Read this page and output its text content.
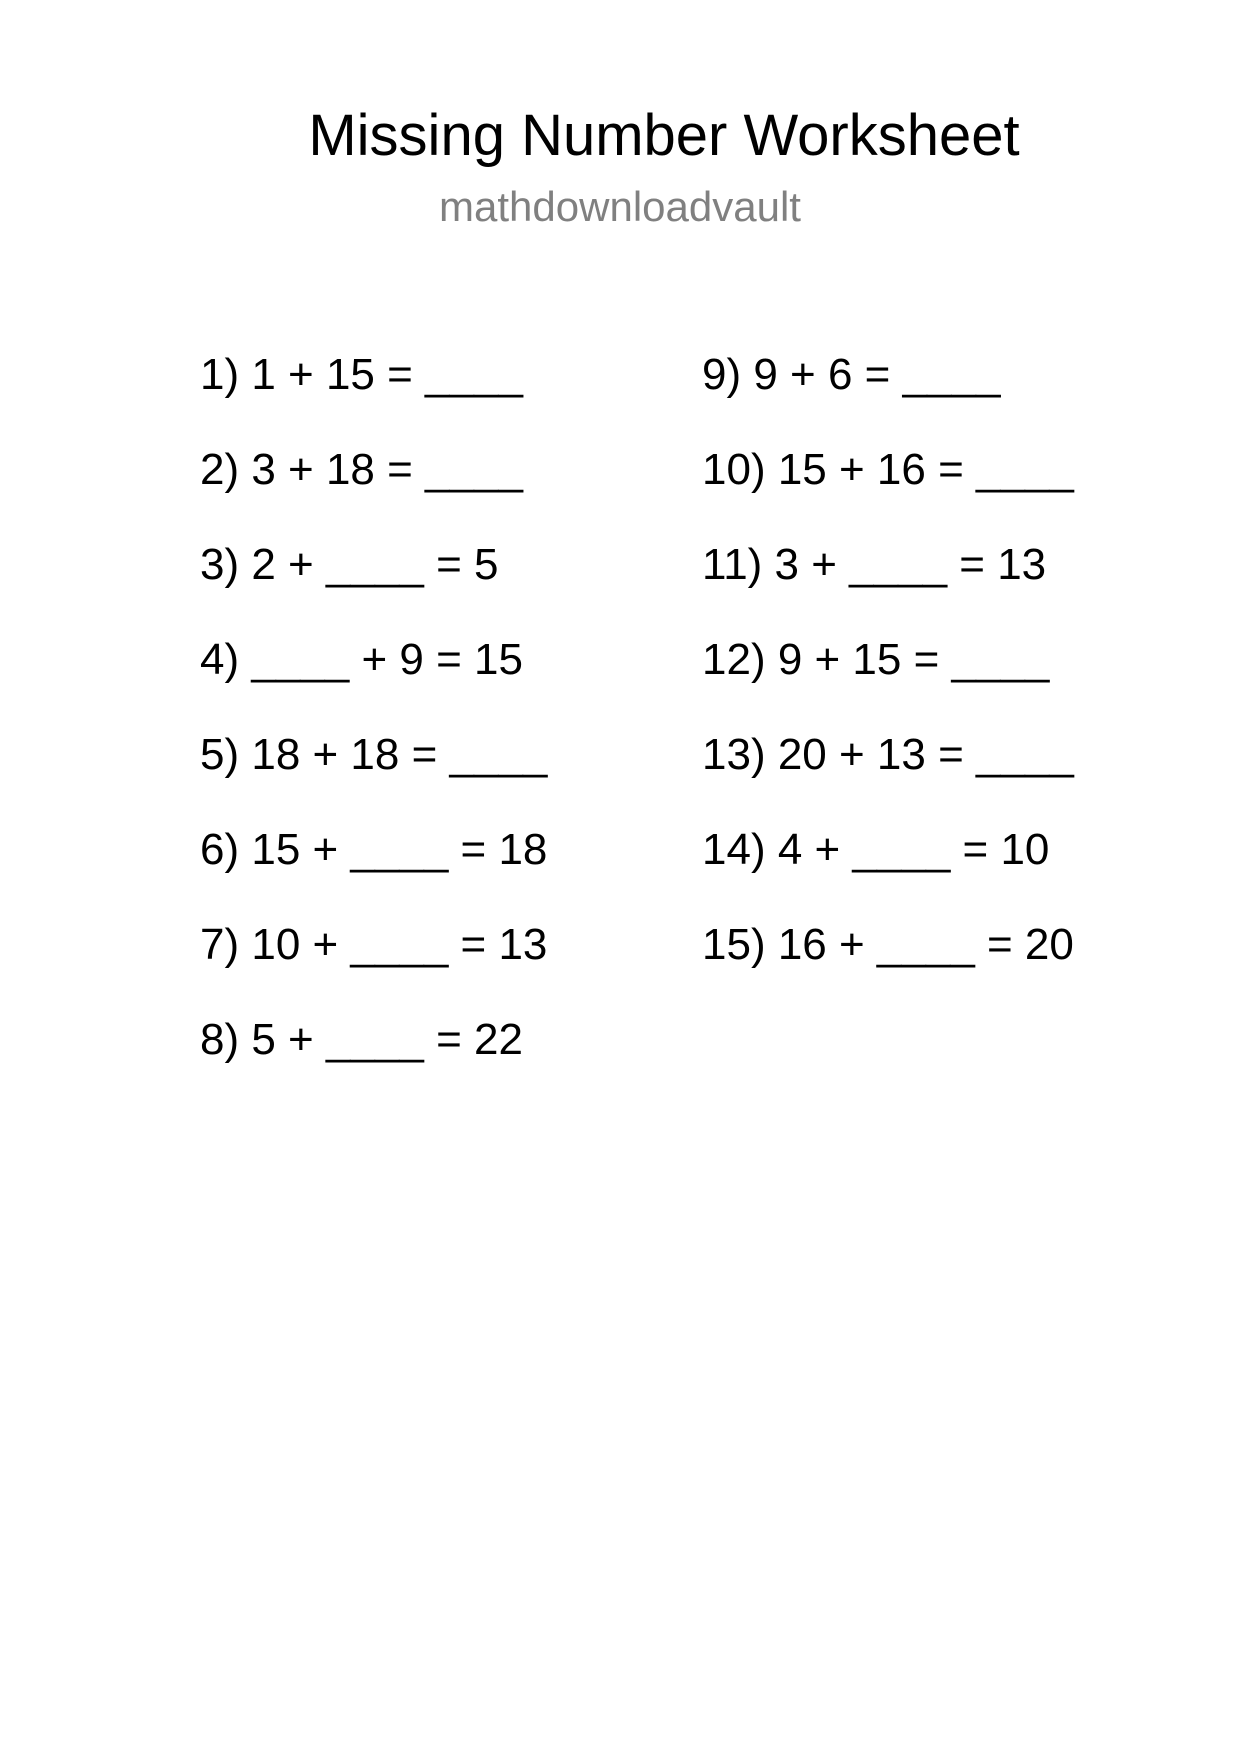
Missing Number Worksheet
mathdownloadvault
1) 1 + 15 = ____
2) 3 + 18 = ____
3) 2 + ____ = 5
4) ____ + 9 = 15
5) 18 + 18 = ____
6) 15 + ____ = 18
7) 10 + ____ = 13
8) 5 + ____ = 22
9) 9 + 6 = ____
10) 15 + 16 = ____
11) 3 + ____ = 13
12) 9 + 15 = ____
13) 20 + 13 = ____
14) 4 + ____ = 10
15) 16 + ____ = 20
